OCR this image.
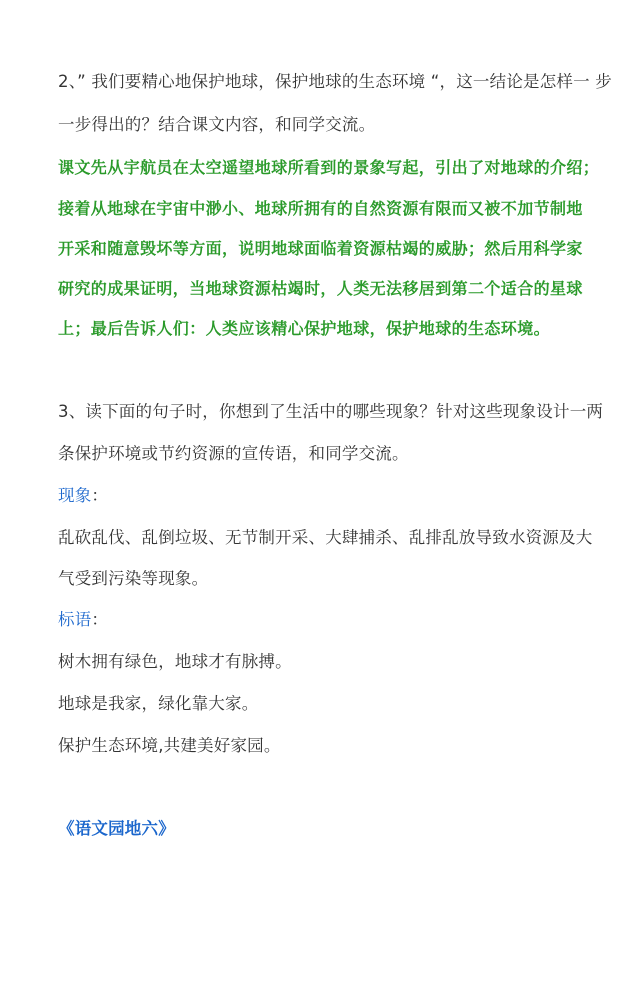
2、” 我们要精心地保护地球，保护地球的生态环境 “，这一结论是怎样一 步
一步得出的？结合课文内容，和同学交流。
课文先从宇航员在太空遥望地球所看到的景象写起，引出了对地球的介绍；
接着从地球在宇宙中渺小、地球所拥有的自然资源有限而又被不加节制地
开采和随意毁坏等方面，说明地球面临着资源枯竭的威胁；然后用科学家
研究的成果证明，当地球资源枯竭时，人类无法移居到第二个适合的星球
上；最后告诉人们：人类应该精心保护地球，保护地球的生态环境。
3、读下面的句子时，你想到了生活中的哪些现象？针对这些现象设计一两
条保护环境或节约资源的宣传语，和同学交流。
现象：
乱砍乱伐、乱倒垃圾、无节制开采、大肆捕杀、乱排乱放导致水资源及大
气受到污染等现象。
标语：
树木拥有绿色，地球才有脉搏。
地球是我家，绿化靠大家。
保护生态环境,共建美好家园。
《语文园地六》
